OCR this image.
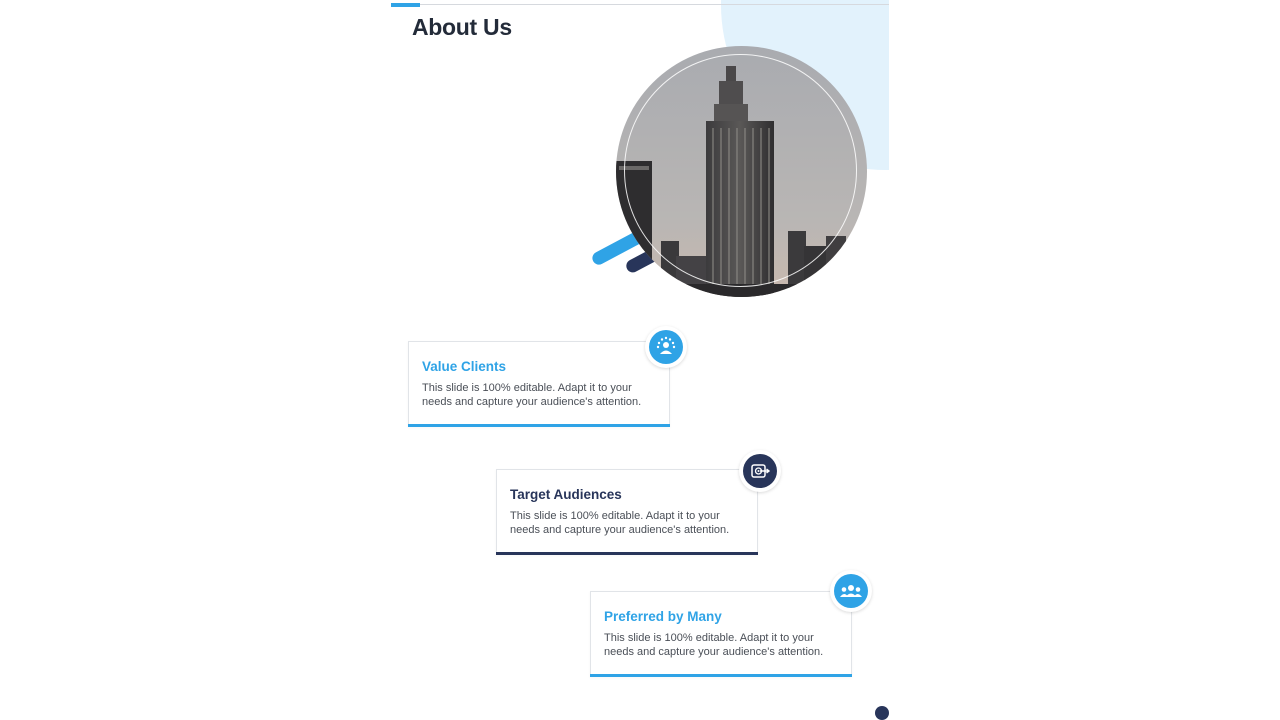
About Us
Value Clients

This slide is 100% editable. Adapt it to your needs and capture your audience's attention.

Target Audiences

This slide is 100% editable. Adapt it to your needs and capture your audience's attention.

Preferred by Many

This slide is 100% editable. Adapt it to your needs and capture your audience's attention.
